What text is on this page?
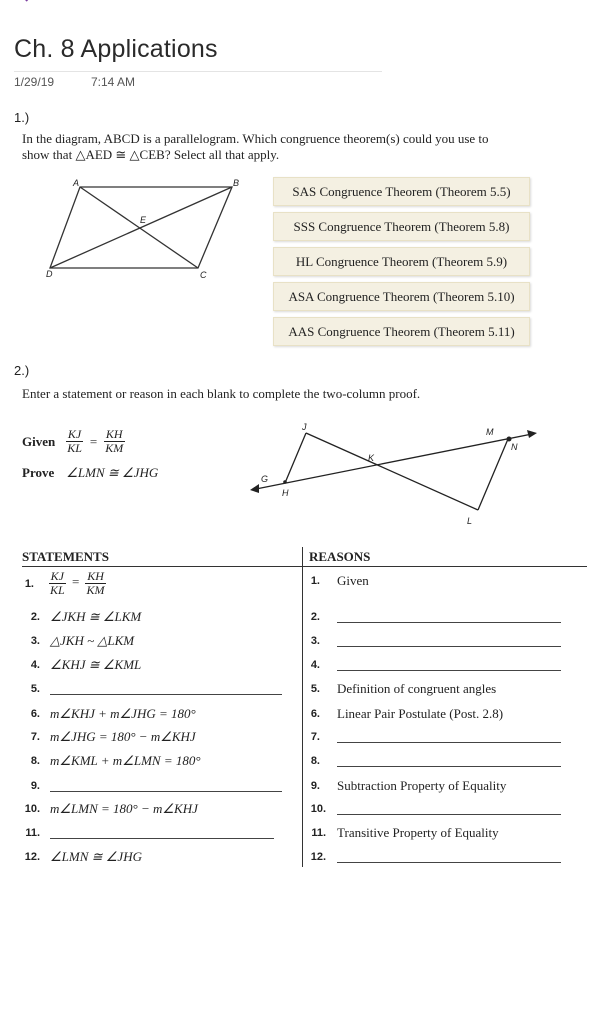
Ch. 8 Applications
1/29/19	7:14 AM
1.)
In the diagram, ABCD is a parallelogram. Which congruence theorem(s) could you use to show that △AED ≅ △CEB? Select all that apply.
A	B
C
D
E
SAS Congruence Theorem (Theorem 5.5)
SSS Congruence Theorem (Theorem 5.8)
HL Congruence Theorem (Theorem 5.9)
ASA Congruence Theorem (Theorem 5.10)
AAS Congruence Theorem (Theorem 5.11)
2.)
Enter a statement or reason in each blank to complete the two-column proof.
Given $\frac{KJ}{KL} = \frac{KH}{KM}$
Prove ∠LMN ≅ ∠JHG
J	M
N
K
G
H
L
STATEMENTS	REASONS
1. $\frac{KJ}{KL} = \frac{KH}{KM}$	1. Given
2. ∠JKH ≅ ∠LKM	2.
3. △JKH ~ △LKM	3.
4. ∠KHJ ≅ ∠KML	4.
5.	5. Definition of congruent angles
6. m∠KHJ + m∠JHG = 180°	6. Linear Pair Postulate (Post. 2.8)
7. m∠JHG = 180° − m∠KHJ	7.
8. m∠KML + m∠LMN = 180°	8.
9.	9. Subtraction Property of Equality
10. m∠LMN = 180° − m∠KHJ	10.
11.	11. Transitive Property of Equality
12. ∠LMN ≅ ∠JHG	12.
